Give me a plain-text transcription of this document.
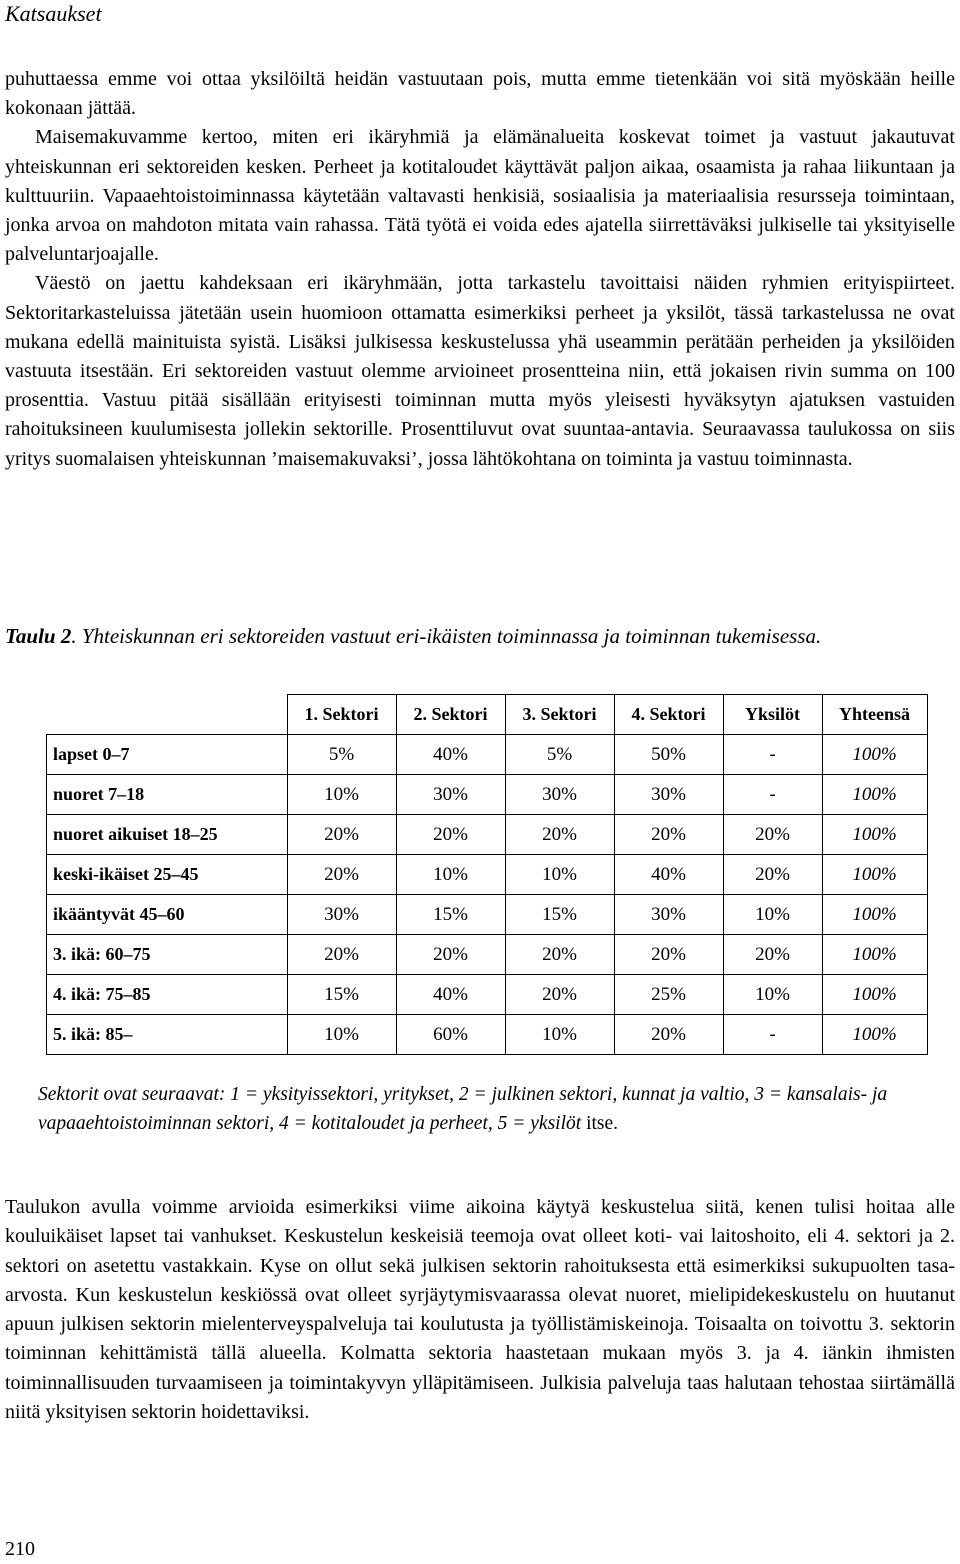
Katsaukset
puhuttaessa emme voi ottaa yksilöiltä heidän vastuutaan pois, mutta emme tietenkään voi sitä myöskään heille kokonaan jättää.
Maisemakuvamme kertoo, miten eri ikäryhmiä ja elämänalueita koskevat toimet ja vastuut jakautuvat yhteiskunnan eri sektoreiden kesken. Perheet ja kotitaloudet käyttävät paljon aikaa, osaamista ja rahaa liikuntaan ja kulttuuriin. Vapaaehtoistoiminnassa käytetään valtavasti henkisiä, sosiaalisia ja materiaalisia resursseja toimintaan, jonka arvoa on mahdoton mitata vain rahassa. Tätä työtä ei voida edes ajatella siirrettäväksi julkiselle tai yksityiselle palveluntarjoajalle.
Väestö on jaettu kahdeksaan eri ikäryhmään, jotta tarkastelu tavoittaisi näiden ryhmien erityispiirteet. Sektoritarkasteluissa jätetään usein huomioon ottamatta esimerkiksi perheet ja yksilöt, tässä tarkastelussa ne ovat mukana edellä mainituista syistä. Lisäksi julkisessa keskustelussa yhä useammin perätään perheiden ja yksilöiden vastuuta itsestään. Eri sektoreiden vastuut olemme arvioineet prosentteina niin, että jokaisen rivin summa on 100 prosenttia. Vastuu pitää sisällään erityisesti toiminnan mutta myös yleisesti hyväksytyn ajatuksen vastuiden rahoituksineen kuulumisesta jollekin sektorille. Prosenttiluvut ovat suuntaa-antavia. Seuraavassa taulukossa on siis yritys suomalaisen yhteiskunnan ’maisemakuvaksi’, jossa lähtökohtana on toiminta ja vastuu toiminnasta.
Taulu 2. Yhteiskunnan eri sektoreiden vastuut eri-ikäisten toiminnassa ja toiminnan tukemisessa.
	1. Sektori	2. Sektori	3. Sektori	4. Sektori	Yksilöt	Yhteensä
lapset 0–7	5%	40%	5%	50%	-	100%
nuoret 7–18	10%	30%	30%	30%	-	100%
nuoret aikuiset 18–25	20%	20%	20%	20%	20%	100%
keski-ikäiset 25–45	20%	10%	10%	40%	20%	100%
ikääntyvät 45–60	30%	15%	15%	30%	10%	100%
3. ikä: 60–75	20%	20%	20%	20%	20%	100%
4. ikä: 75–85	15%	40%	20%	25%	10%	100%
5. ikä: 85–	10%	60%	10%	20%	-	100%
Sektorit ovat seuraavat: 1 = yksityissektori, yritykset, 2 = julkinen sektori, kunnat ja valtio, 3 = kansalais- ja vapaaehtoistoiminnan sektori, 4 = kotitaloudet ja perheet, 5 = yksilöt itse.
Taulukon avulla voimme arvioida esimerkiksi viime aikoina käytyä keskustelua siitä, kenen tulisi hoitaa alle kouluikäiset lapset tai vanhukset. Keskustelun keskeisiä teemoja ovat olleet koti- vai laitoshoito, eli 4. sektori ja 2. sektori on asetettu vastakkain. Kyse on ollut sekä julkisen sektorin rahoituksesta että esimerkiksi sukupuolten tasa-arvosta. Kun keskustelun keskiössä ovat olleet syrjäytymisvaarassa olevat nuoret, mielipidekeskustelu on huutanut apuun julkisen sektorin mielenterveyspalveluja tai koulutusta ja työllistämiskeinoja. Toisaalta on toivottu 3. sektorin toiminnan kehittämistä tällä alueella. Kolmatta sektoria haastetaan mukaan myös 3. ja 4. iänkin ihmisten toiminnallisuuden turvaamiseen ja toimintakyvyn ylläpitämiseen. Julkisia palveluja taas halutaan tehostaa siirtämällä niitä yksityisen sektorin hoidettaviksi.
210
